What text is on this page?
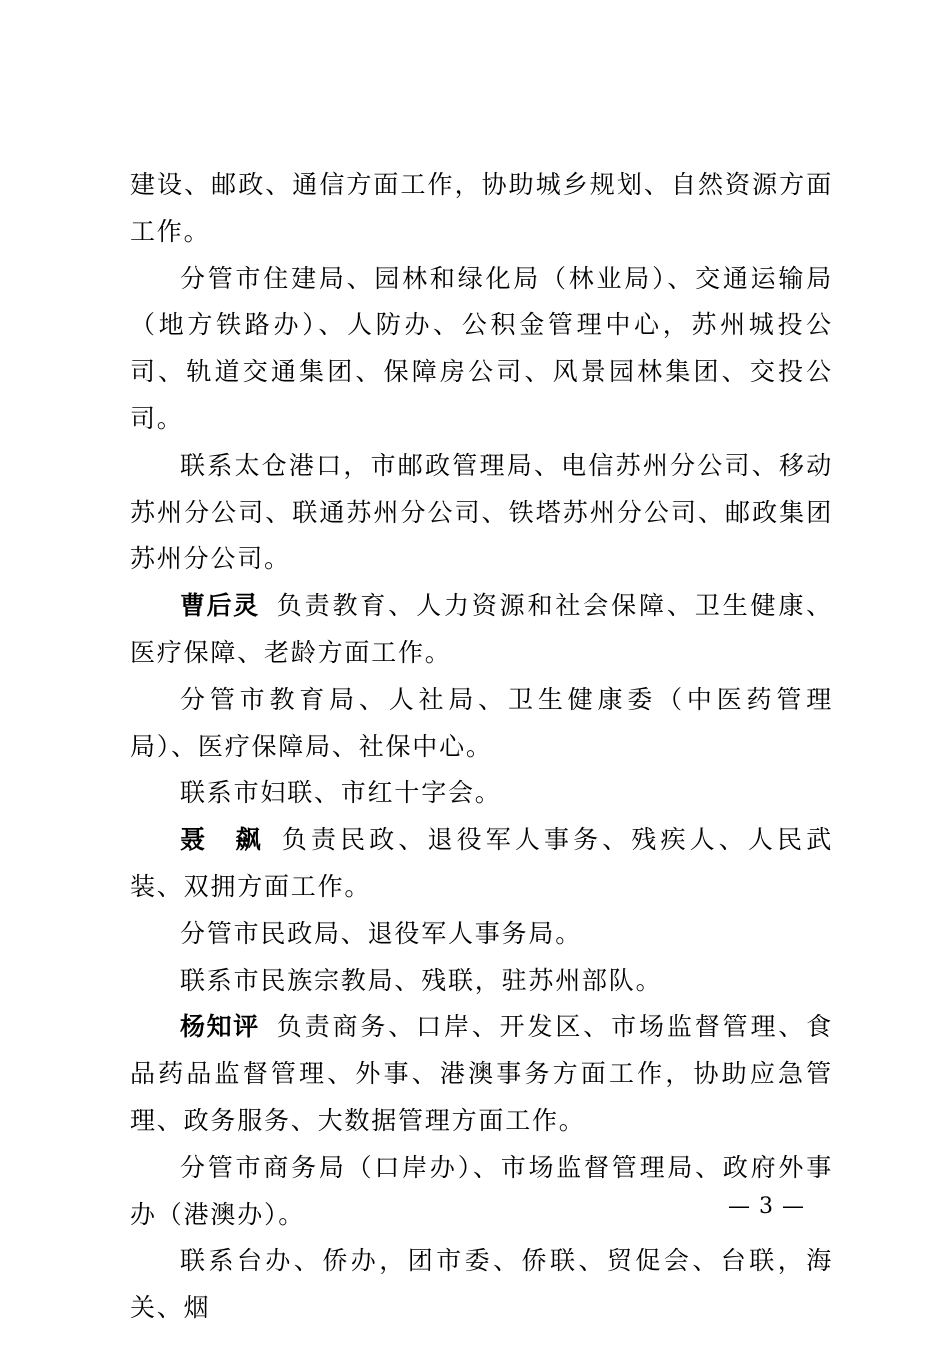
建设、邮政、通信方面工作，协助城乡规划、自然资源方面工作。

分管市住建局、园林和绿化局（林业局）、交通运输局（地方铁路办）、人防办、公积金管理中心，苏州城投公司、轨道交通集团、保障房公司、风景园林集团、交投公司。

联系太仓港口，市邮政管理局、电信苏州分公司、移动苏州分公司、联通苏州分公司、铁塔苏州分公司、邮政集团苏州分公司。

曹后灵 负责教育、人力资源和社会保障、卫生健康、医疗保障、老龄方面工作。

分管市教育局、人社局、卫生健康委（中医药管理局）、医疗保障局、社保中心。

联系市妇联、市红十字会。

聂　飙 负责民政、退役军人事务、残疾人、人民武装、双拥方面工作。

分管市民政局、退役军人事务局。

联系市民族宗教局、残联，驻苏州部队。

杨知评 负责商务、口岸、开发区、市场监督管理、食品药品监督管理、外事、港澳事务方面工作，协助应急管理、政务服务、大数据管理方面工作。

分管市商务局（口岸办）、市场监督管理局、政府外事办（港澳办）。

联系台办、侨办，团市委、侨联、贸促会、台联，海关、烟

— 3 —
